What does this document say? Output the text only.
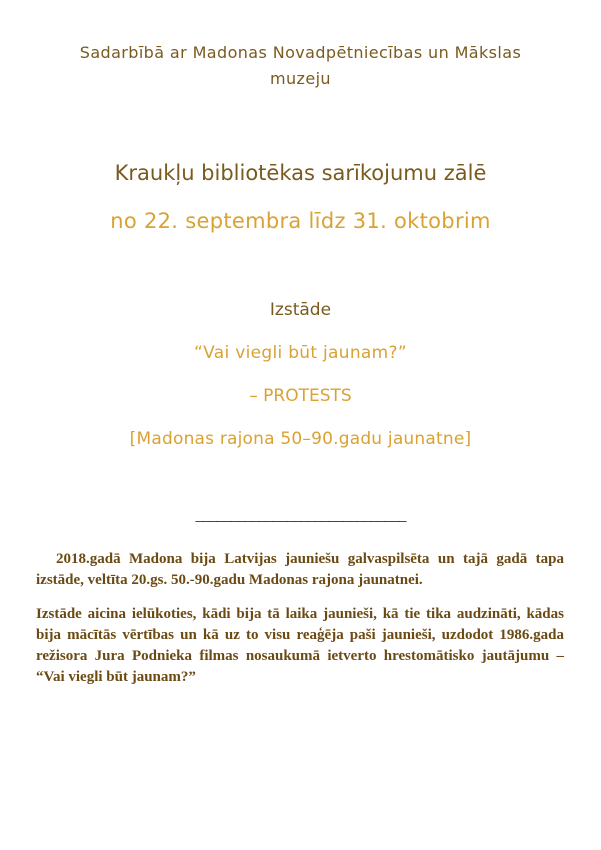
Sadarbībā ar Madonas Novadpētniecības un Mākslas
muzeju
Kraukļu bibliotēkas sarīkojumu zālē
no 22. septembra līdz 31. oktobrim
Izstāde
“Vai viegli būt jaunam?”
– PROTESTS
[Madonas rajona 50–90.gadu jaunatne]
______________________________

2018.gadā Madona bija Latvijas jauniešu galvaspilsēta un tajā gadā tapa izstāde, veltīta 20.gs. 50.-90.gadu Madonas rajona jaunatnei.

Izstāde aicina ielūkoties, kādi bija tā laika jaunieši, kā tie tika audzināti, kādas bija mācītās vērtības un kā uz to visu reaģēja paši jaunieši, uzdodot 1986.gada režisora Jura Podnieka filmas nosaukumā ietverto hrestomātisko jautājumu – “Vai viegli būt jaunam?”
